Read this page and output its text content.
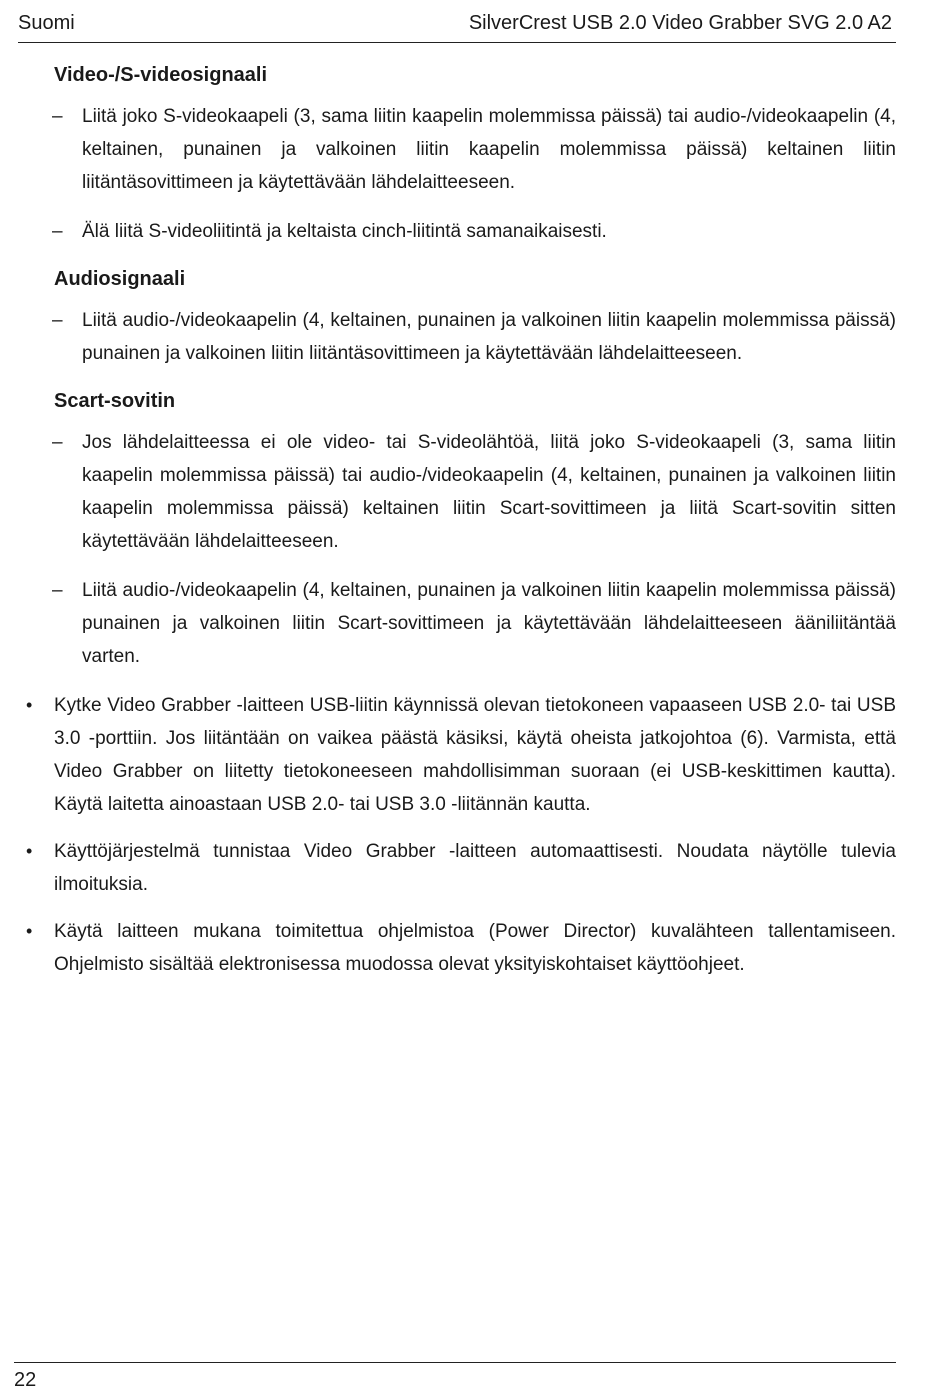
Suomi	SilverCrest USB 2.0 Video Grabber SVG 2.0 A2
Video-/S-videosignaali
– Liitä joko S-videokaapeli (3, sama liitin kaapelin molemmissa päissä) tai audio-/videokaapelin (4, keltainen, punainen ja valkoinen liitin kaapelin molemmissa päissä) keltainen liitin liitäntäsovittimeen ja käytettävään lähdelaitteeseen.
– Älä liitä S-videoliitintä ja keltaista cinch-liitintä samanaikaisesti.
Audiosignaali
– Liitä audio-/videokaapelin (4, keltainen, punainen ja valkoinen liitin kaapelin molemmissa päissä) punainen ja valkoinen liitin liitäntäsovittimeen ja käytettävään lähdelaitteeseen.
Scart-sovitin
– Jos lähdelaitteessa ei ole video- tai S-videolähtöä, liitä joko S-videokaapeli (3, sama liitin kaapelin molemmissa päissä) tai audio-/videokaapelin (4, keltainen, punainen ja valkoinen liitin kaapelin molemmissa päissä) keltainen liitin Scart-sovittimeen ja liitä Scart-sovitin sitten käytettävään lähdelaitteeseen.
– Liitä audio-/videokaapelin (4, keltainen, punainen ja valkoinen liitin kaapelin molemmissa päissä) punainen ja valkoinen liitin Scart-sovittimeen ja käytettävään lähdelaitteeseen ääniliitäntää varten.
• Kytke Video Grabber -laitteen USB-liitin käynnissä olevan tietokoneen vapaaseen USB 2.0- tai USB 3.0 -porttiin. Jos liitäntään on vaikea päästä käsiksi, käytä oheista jatkojohtoa (6). Varmista, että Video Grabber on liitetty tietokoneeseen mahdollisimman suoraan (ei USB-keskittimen kautta). Käytä laitetta ainoastaan USB 2.0- tai USB 3.0 -liitännän kautta.
• Käyttöjärjestelmä tunnistaa Video Grabber -laitteen automaattisesti. Noudata näytölle tulevia ilmoituksia.
• Käytä laitteen mukana toimitettua ohjelmistoa (Power Director) kuvalähteen tallentamiseen. Ohjelmisto sisältää elektronisessa muodossa olevat yksityiskohtaiset käyttöohjeet.
22
